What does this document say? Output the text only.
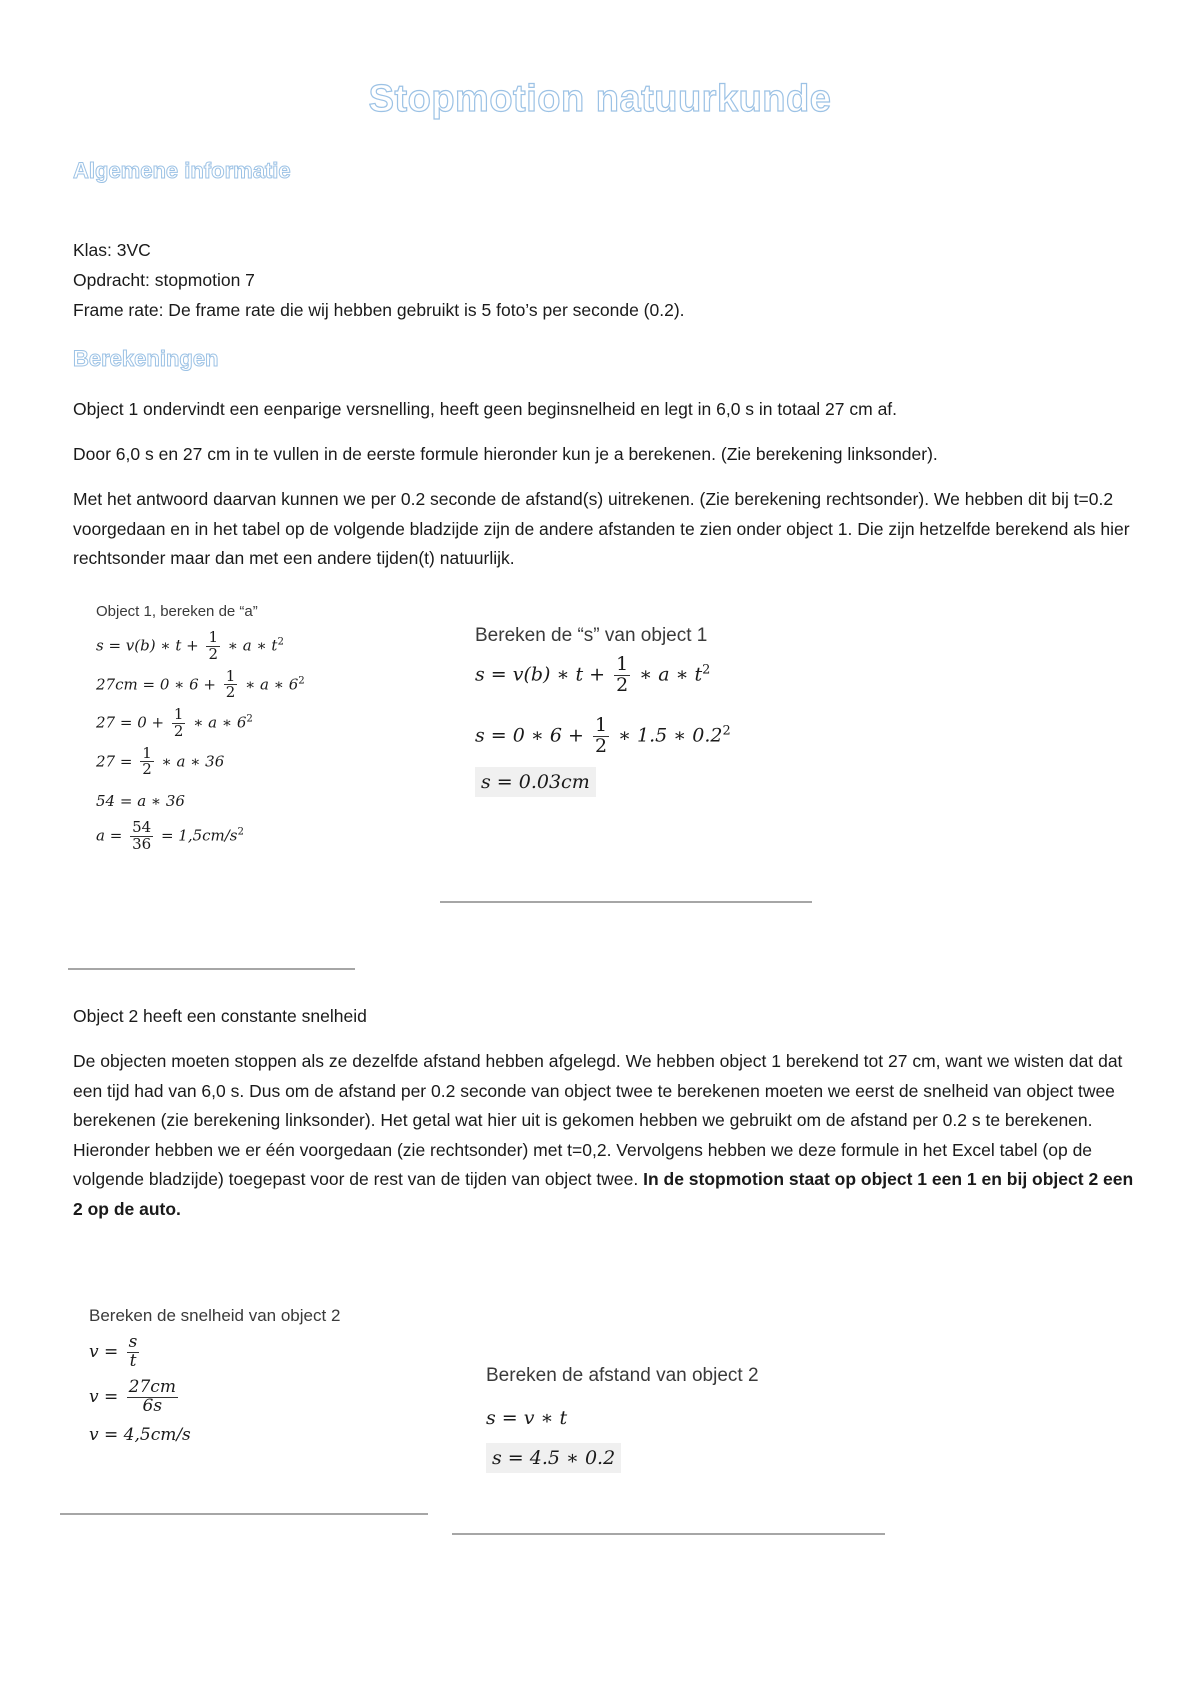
Stopmotion natuurkunde
Algemene informatie
Klas: 3VC
Opdracht: stopmotion 7
Frame rate: De frame rate die wij hebben gebruikt is 5 foto’s per seconde (0.2).
Berekeningen
Object 1 ondervindt een eenparige versnelling, heeft geen beginsnelheid en legt in 6,0 s in totaal 27 cm af.
Door 6,0 s en 27 cm in te vullen in de eerste formule hieronder kun je a berekenen. (Zie berekening linksonder).
Met het antwoord daarvan kunnen we per 0.2 seconde de afstand(s) uitrekenen. (Zie berekening rechtsonder). We hebben dit bij t=0.2 voorgedaan en in het tabel op de volgende bladzijde zijn de andere afstanden te zien onder object 1. Die zijn hetzelfde berekend als hier rechtsonder maar dan met een andere tijden(t) natuurlijk.
Object 1, bereken de “a”
s = v(b) ∗ $t + \frac{1}{2}$ ∗ a ∗ $t^2$
27cm = 0 ∗ $6 + \frac{1}{2}$ ∗ a ∗ $6^2$
$27 = 0 + \frac{1}{2}$ ∗ a ∗ $6^2$
$27 = \frac{1}{2}$ ∗ a ∗ 36
54 = a ∗ 36
$a = \frac{54}{36} = 1,5cm/s^2$
Bereken de “s” van object 1
s = v(b) ∗ $t + \frac{1}{2}$ ∗ a ∗ $t^2$
s = 0 ∗ $6 + \frac{1}{2}$ ∗ 1.5 ∗ $0.2^2$
s = 0.03cm
Object 2 heeft een constante snelheid
De objecten moeten stoppen als ze dezelfde afstand hebben afgelegd. We hebben object 1 berekend tot 27 cm, want we wisten dat dat een tijd had van 6,0 s. Dus om de afstand per 0.2 seconde van object twee te berekenen moeten we eerst de snelheid van object twee berekenen (zie berekening linksonder). Het getal wat hier uit is gekomen hebben we gebruikt om de afstand per 0.2 s te berekenen. Hieronder hebben we er één voorgedaan (zie rechtsonder) met t=0,2. Vervolgens hebben we deze formule in het Excel tabel (op de volgende bladzijde) toegepast voor de rest van de tijden van object twee. In de stopmotion staat op object 1 een 1 en bij object 2 een 2 op de auto.
Bereken de snelheid van object 2
$v = \frac{s}{t}$
$v = \frac{27cm}{6s}$
v = 4,5cm/s
Bereken de afstand van object 2
s = v ∗ t
s = 4.5 ∗ 0.2
